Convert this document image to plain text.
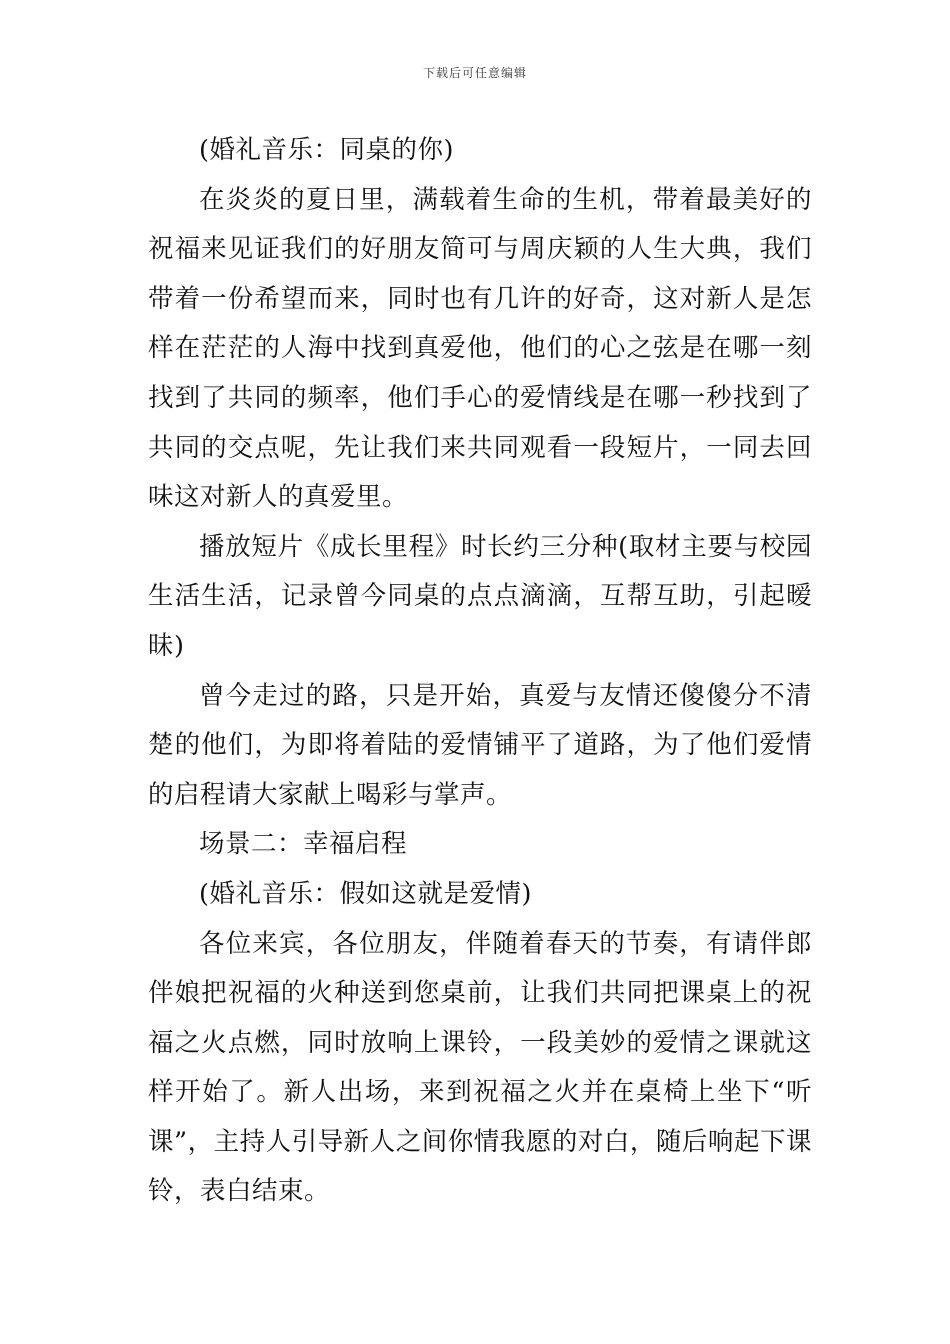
下载后可任意编辑

(婚礼音乐：同桌的你)

在炎炎的夏日里，满载着生命的生机，带着最美好的祝福来见证我们的好朋友简可与周庆颖的人生大典，我们带着一份希望而来，同时也有几许的好奇，这对新人是怎样在茫茫的人海中找到真爱他，他们的心之弦是在哪一刻找到了共同的频率，他们手心的爱情线是在哪一秒找到了共同的交点呢，先让我们来共同观看一段短片，一同去回味这对新人的真爱里。

播放短片《成长里程》时长约三分种(取材主要与校园生活生活，记录曾今同桌的点点滴滴，互帮互助，引起暧昧)

曾今走过的路，只是开始，真爱与友情还傻傻分不清楚的他们，为即将着陆的爱情铺平了道路，为了他们爱情的启程请大家献上喝彩与掌声。

场景二：幸福启程

(婚礼音乐：假如这就是爱情)

各位来宾，各位朋友，伴随着春天的节奏，有请伴郎伴娘把祝福的火种送到您桌前，让我们共同把课桌上的祝福之火点燃，同时放响上课铃，一段美妙的爱情之课就这样开始了。新人出场，来到祝福之火并在桌椅上坐下“听课”，主持人引导新人之间你情我愿的对白，随后响起下课铃，表白结束。
